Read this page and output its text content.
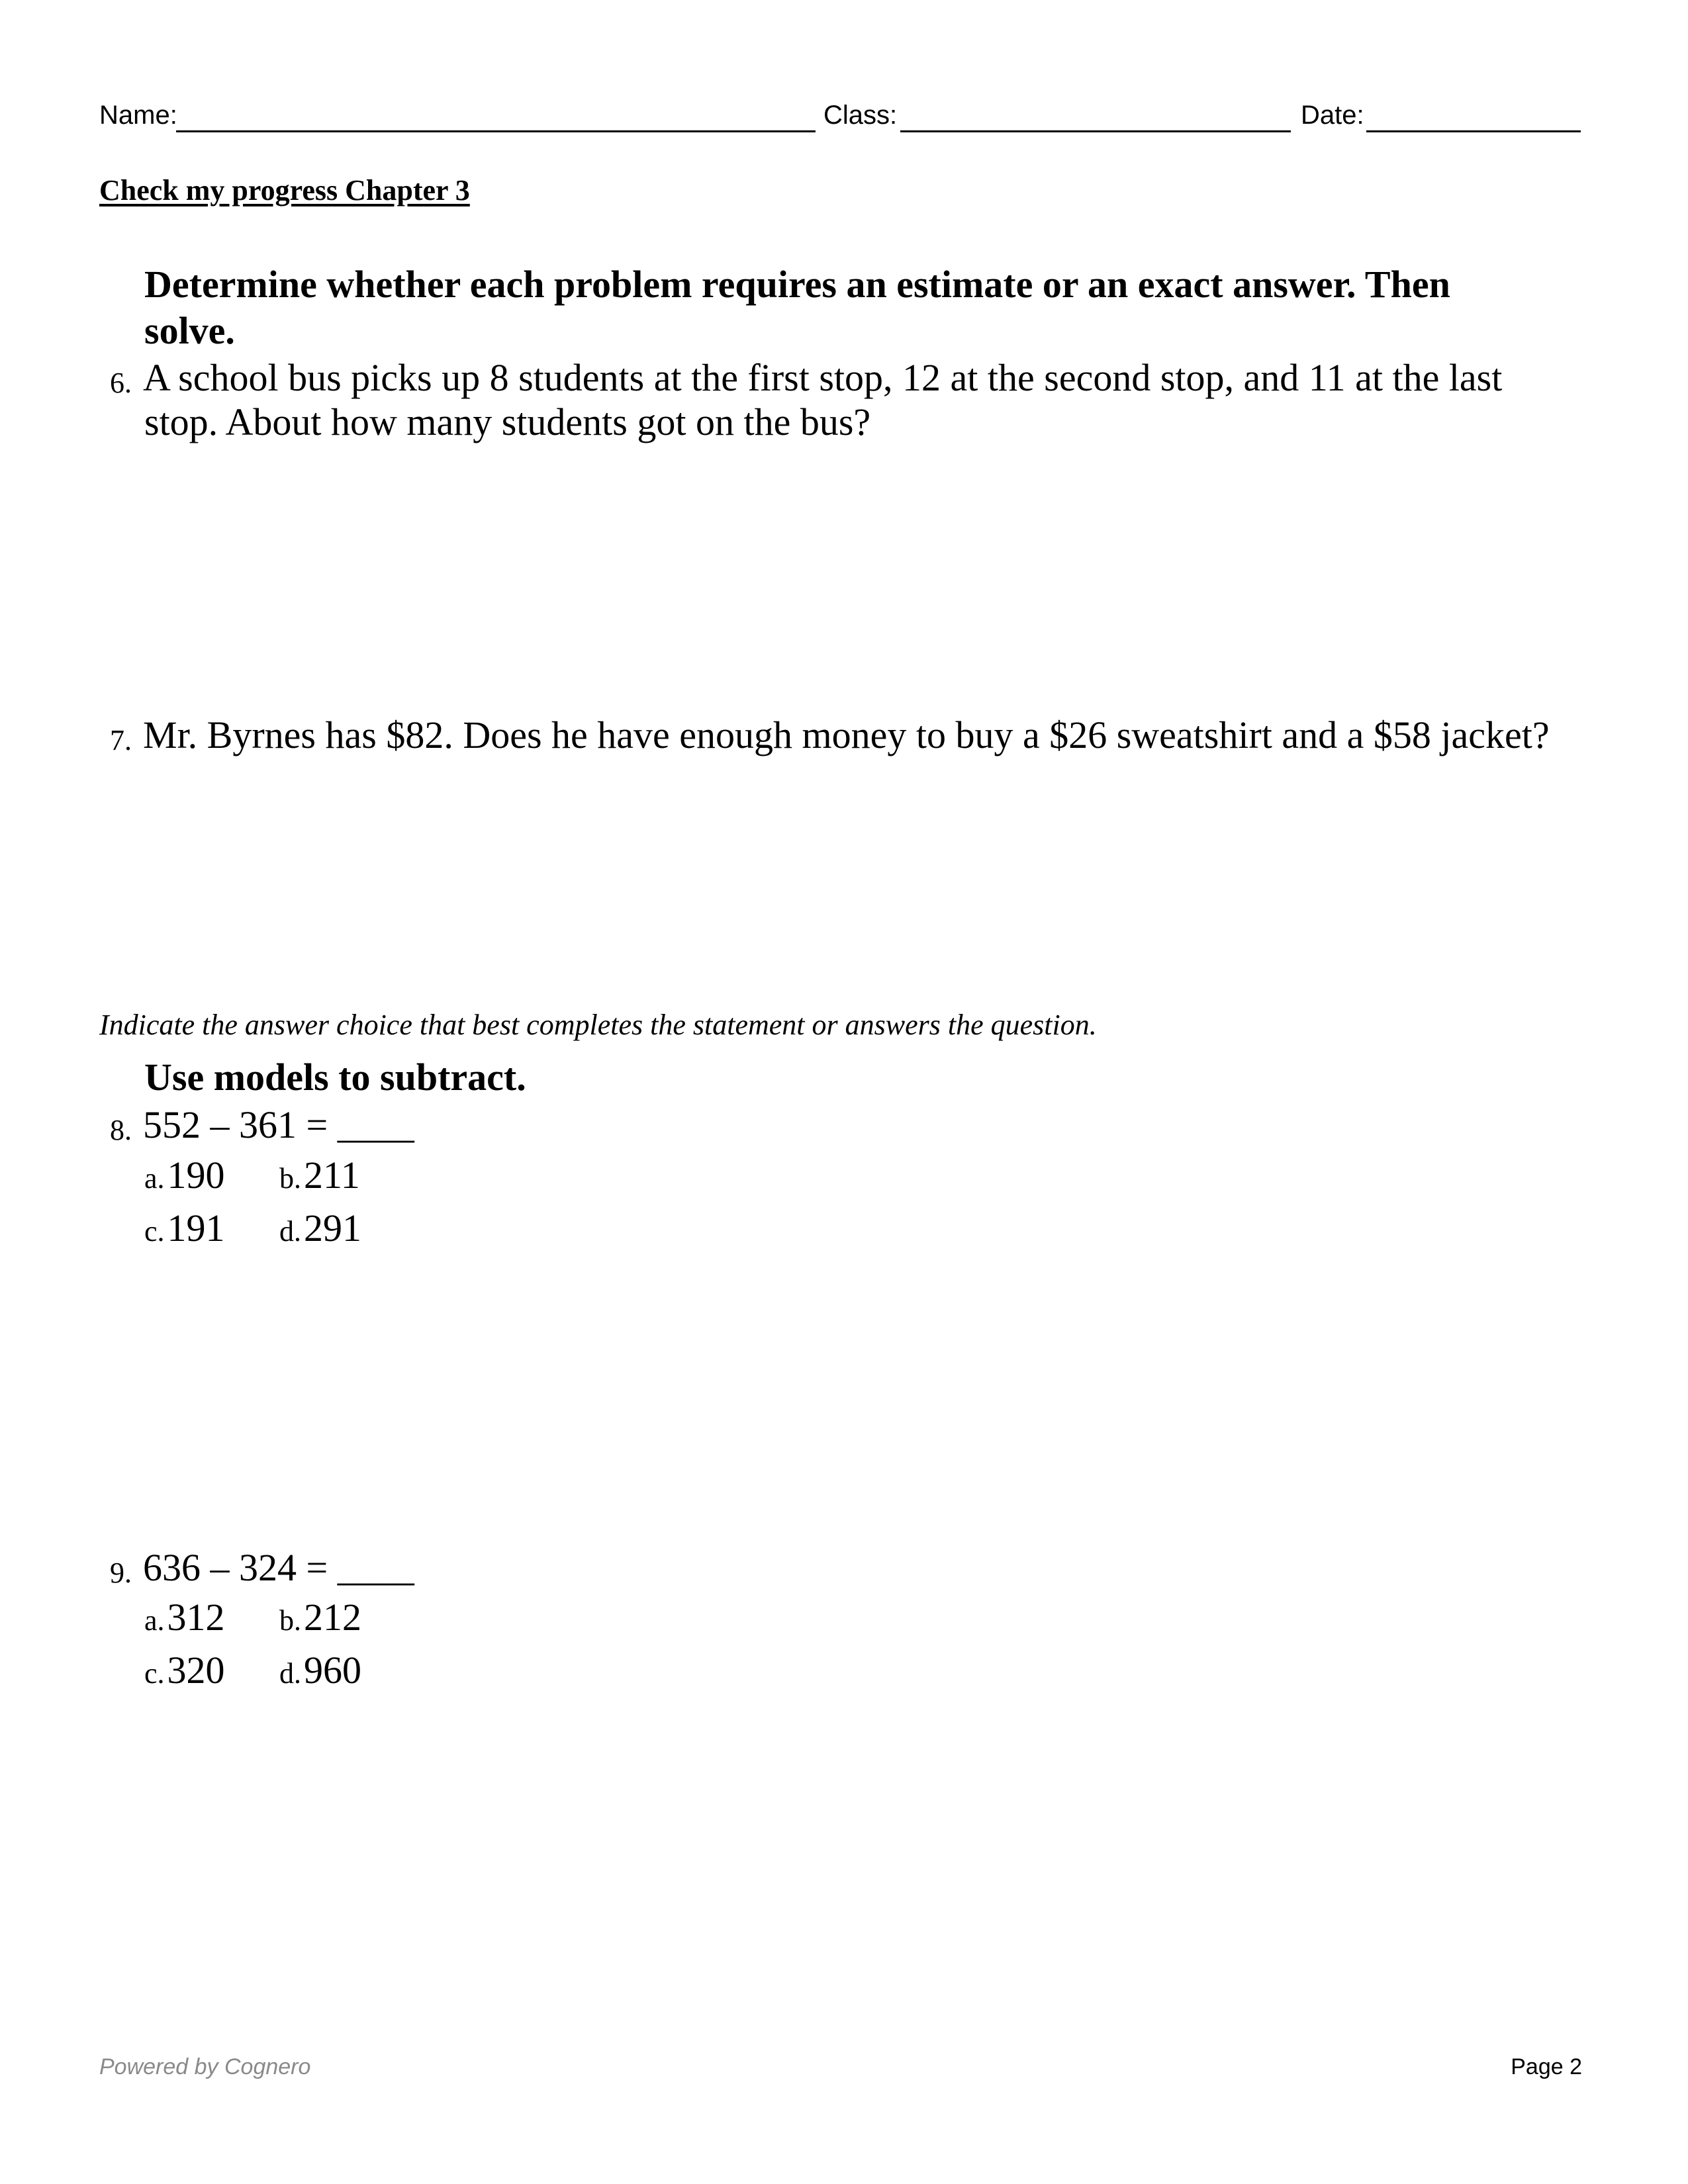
Name:	Class:	Date:
Check my progress Chapter 3
Determine whether each problem requires an estimate or an exact answer. Then
solve.
6. A school bus picks up 8 students at the first stop, 12 at the second stop, and 11 at the last
stop. About how many students got on the bus?
7. Mr. Byrnes has $82. Does he have enough money to buy a $26 sweatshirt and a $58 jacket?
Indicate the answer choice that best completes the statement or answers the question.
Use models to subtract.
8. 552 – 361 = ____
a. 190 b. 211
c. 191 d. 291
9. 636 – 324 = ____
a. 312 b. 212
c. 320 d. 960
Powered by Cognero	Page 2
